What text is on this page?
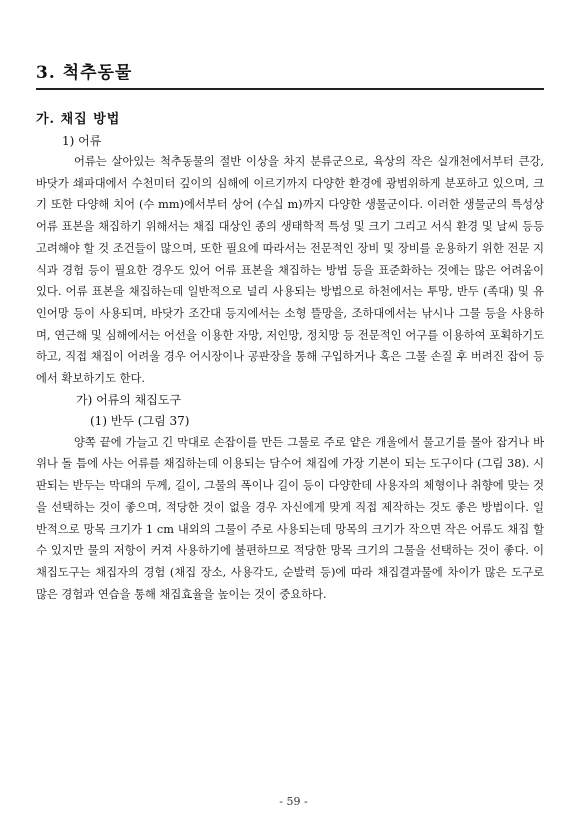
3. 척추동물
가. 채집 방법
1) 어류

어류는 살아있는 척추동물의 절반 이상을 차지 분류군으로, 육상의 작은 실개천에서부터 큰강, 바닷가 쇄파대에서 수천미터 깊이의 심해에 이르기까지 다양한 환경에 광범위하게 분포하고 있으며, 크기 또한 다양해 치어 (수 mm)에서부터 상어 (수십 m)까지 다양한 생물군이다. 이러한 생물군의 특성상 어류 표본을 채집하기 위해서는 채집 대상인 종의 생태학적 특성 및 크기 그리고 서식 환경 및 날씨 등등 고려해야 할 것 조건들이 많으며, 또한 필요에 따라서는 전문적인 장비 및 장비를 운용하기 위한 전문 지식과 경험 등이 필요한 경우도 있어 어류 표본을 채집하는 방법 등을 표준화하는 것에는 많은 어려움이 있다. 어류 표본을 채집하는데 일반적으로 널리 사용되는 방법으로 하천에서는 투망, 반두 (족대) 및 유인어망 등이 사용되며, 바닷가 조간대 등지에서는 소형 뜰망을, 조하대에서는 낚시나 그물 등을 사용하며, 연근해 및 심해에서는 어선을 이용한 자망, 저인망, 정치망 등 전문적인 어구를 이용하여 포획하기도 하고, 직접 채집이 어려울 경우 어시장이나 공판장을 통해 구입하거나 혹은 그물 손질 후 버려진 잡어 등에서 확보하기도 한다.

가) 어류의 채집도구
(1) 반두 (그림 37)

양쪽 끝에 가늘고 긴 막대로 손잡이를 만든 그물로 주로 얕은 개울에서 물고기를 몰아 잡거나 바위나 돌 틈에 사는 어류를 채집하는데 이용되는 담수어 채집에 가장 기본이 되는 도구이다 (그림 38). 시판되는 반두는 막대의 두께, 길이, 그물의 폭이나 길이 등이 다양한데 사용자의 체형이나 취향에 맞는 것을 선택하는 것이 좋으며, 적당한 것이 없을 경우 자신에게 맞게 직접 제작하는 것도 좋은 방법이다. 일반적으로 망목 크기가 1 cm 내외의 그물이 주로 사용되는데 망목의 크기가 작으면 작은 어류도 채집 할 수 있지만 물의 저항이 커져 사용하기에 불편하므로 적당한 망목 크기의 그물을 선택하는 것이 좋다. 이 채집도구는 채집자의 경험 (채집 장소, 사용각도, 순발력 등)에 따라 채집결과물에 차이가 많은 도구로 많은 경험과 연습을 통해 채집효율을 높이는 것이 중요하다.

- 59 -
